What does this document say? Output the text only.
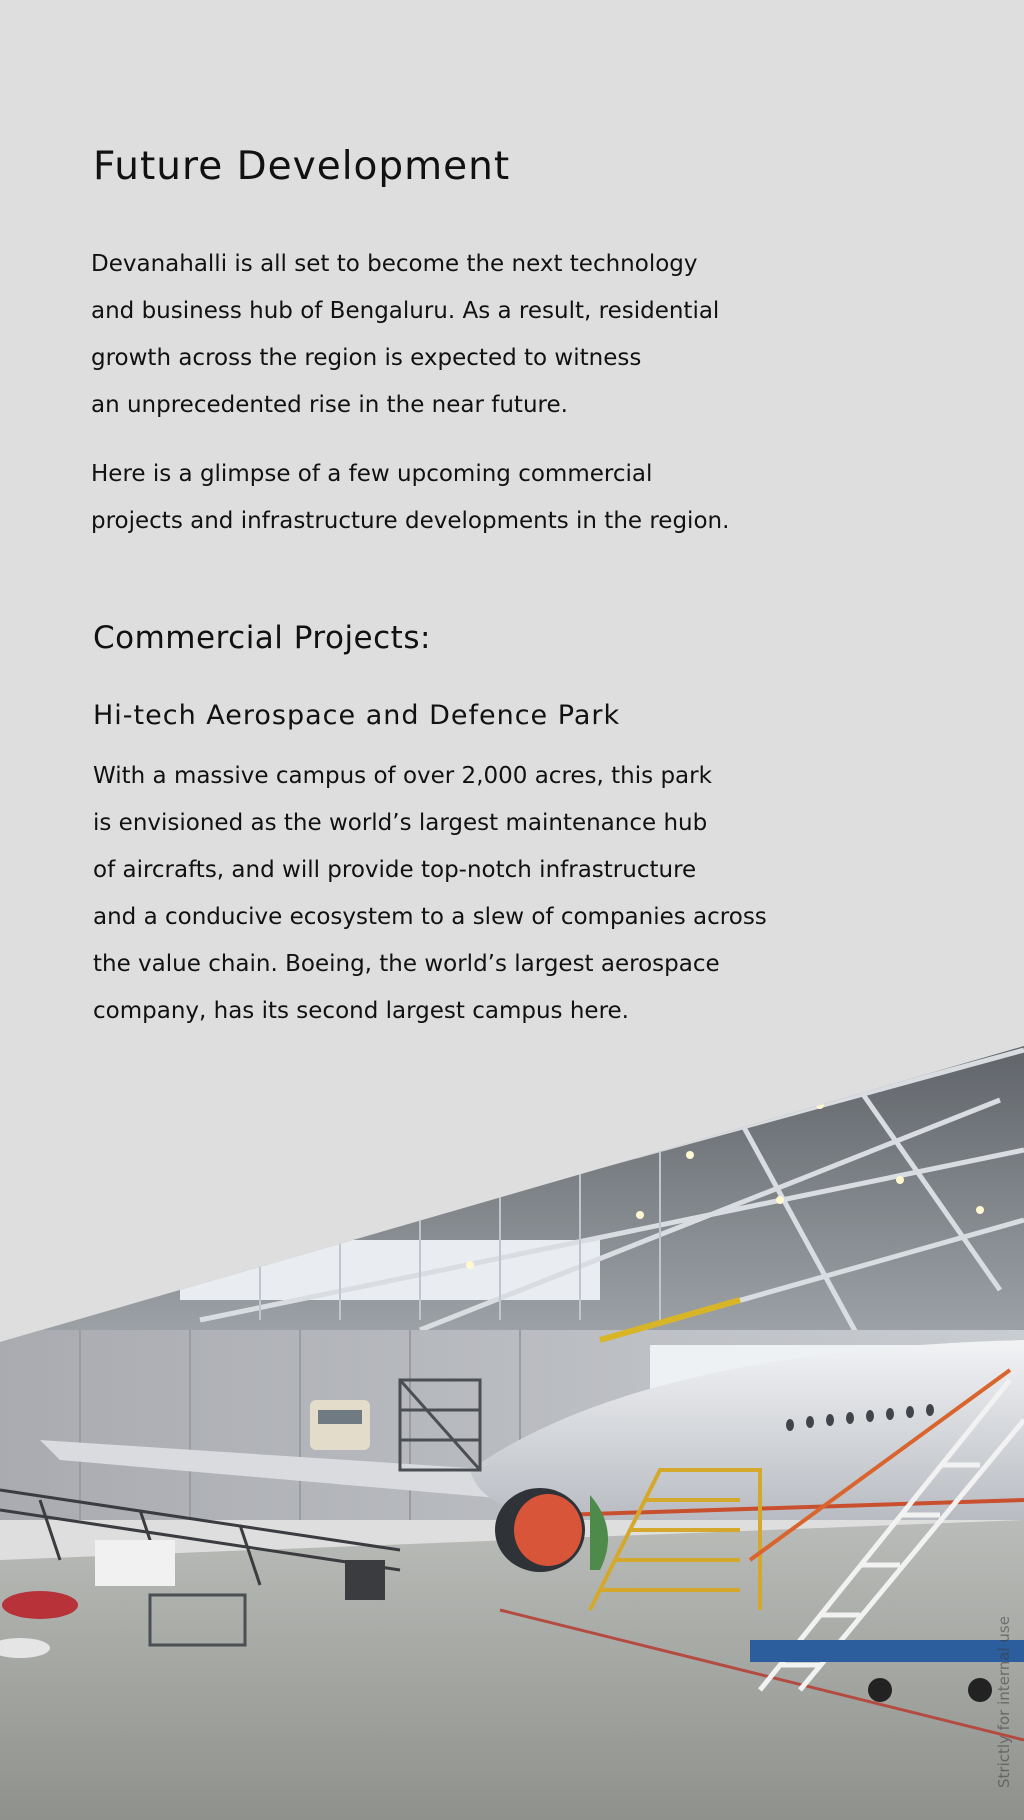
Future Development

Devanahalli is all set to become the next technology
and business hub of Bengaluru. As a result, residential
growth across the region is expected to witness
an unprecedented rise in the near future.

Here is a glimpse of a few upcoming commercial
projects and infrastructure developments in the region.

Commercial Projects:
Hi-tech Aerospace and Defence Park

With a massive campus of over 2,000 acres, this park
is envisioned as the world’s largest maintenance hub
of aircrafts, and will provide top-notch infrastructure
and a conducive ecosystem to a slew of companies across
the value chain. Boeing, the world’s largest aerospace
company, has its second largest campus here.

Strictly for internal use
